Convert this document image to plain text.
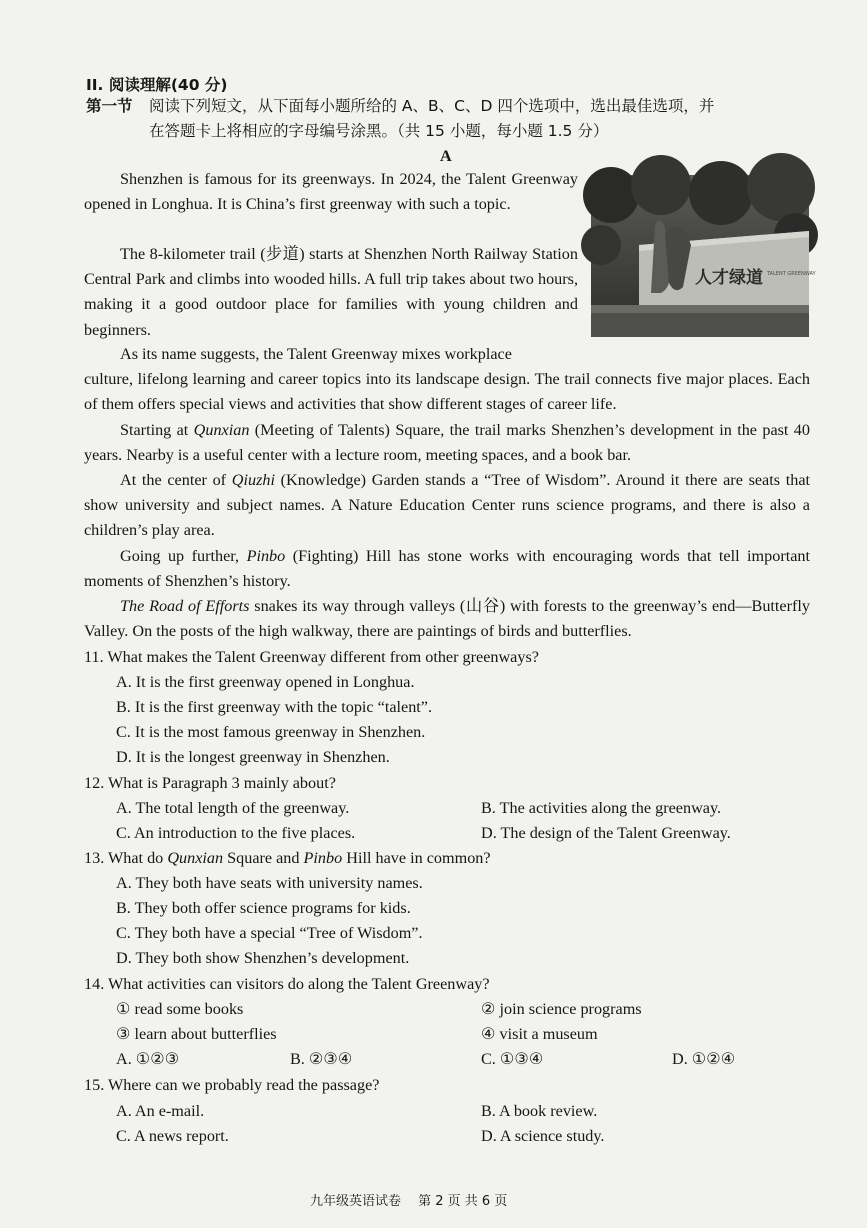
II. 阅读理解(40 分)
第一节 阅读下列短文，从下面每小题所给的 A、B、C、D 四个选项中，选出最佳选项，并
在答题卡上将相应的字母编号涂黑。（共 15 小题，每小题 1.5 分）
A
人才绿道 TALENT GREENWAY
Shenzhen is famous for its greenways. In 2024, the Talent Greenway opened in Longhua. It is China’s first greenway with such a topic.
The 8-kilometer trail (步道) starts at Shenzhen North Railway Station Central Park and climbs into wooded hills. A full trip takes about two hours, making it a good outdoor place for families with young children and beginners.
As its name suggests, the Talent Greenway mixes workplace
culture, lifelong learning and career topics into its landscape design. The trail connects five major places. Each of them offers special views and activities that show different stages of career life.
Starting at Qunxian (Meeting of Talents) Square, the trail marks Shenzhen’s development in the past 40 years. Nearby is a useful center with a lecture room, meeting spaces, and a book bar.
At the center of Qiuzhi (Knowledge) Garden stands a “Tree of Wisdom”. Around it there are seats that show university and subject names. A Nature Education Center runs science programs, and there is also a children’s play area.
Going up further, Pinbo (Fighting) Hill has stone works with encouraging words that tell important moments of Shenzhen’s history.
The Road of Efforts snakes its way through valleys (山谷) with forests to the greenway’s end—Butterfly Valley. On the posts of the high walkway, there are paintings of birds and butterflies.
11. What makes the Talent Greenway different from other greenways?
A. It is the first greenway opened in Longhua.
B. It is the first greenway with the topic “talent”.
C. It is the most famous greenway in Shenzhen.
D. It is the longest greenway in Shenzhen.
12. What is Paragraph 3 mainly about?
A. The total length of the greenway.	B. The activities along the greenway.
C. An introduction to the five places.	D. The design of the Talent Greenway.
13. What do Qunxian Square and Pinbo Hill have in common?
A. They both have seats with university names.
B. They both offer science programs for kids.
C. They both have a special “Tree of Wisdom”.
D. They both show Shenzhen’s development.
14. What activities can visitors do along the Talent Greenway?
① read some books	② join science programs
③ learn about butterflies	④ visit a museum
A. ①②③	B. ②③④	C. ①③④	D. ①②④
15. Where can we probably read the passage?
A. An e-mail.	B. A book review.
C. A news report.	D. A science study.
九年级英语试卷　 第 2 页 共 6 页
